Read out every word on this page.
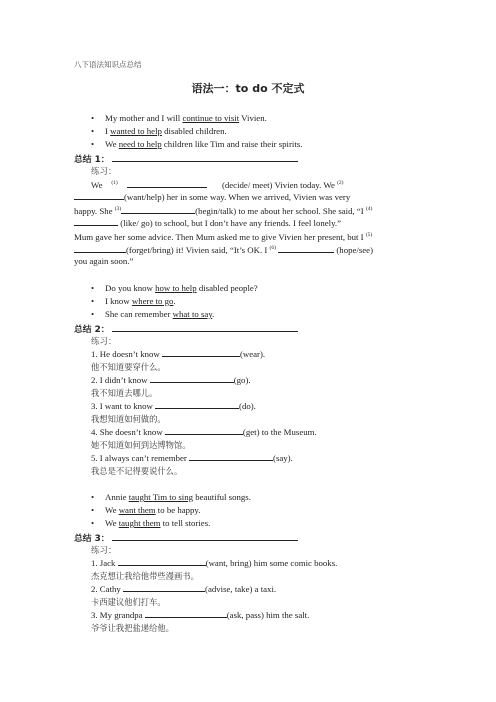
八下语法知识点总结
语法一：to do 不定式
• My mother and I will continue to visit Vivien.
• I wanted to help disabled children.
• We need to help children like Tim and raise their spirits.
总结 1：
练习：
We $^{(1)}$	(decide/ meet) Vivien today. We $^{(2)}$
(want/help) her in some way. When we arrived, Vivien was very
happy. She $^{(3)}$	(begin/talk) to me about her school. She said, “I $^{(4)}$
(like/ go) to school, but I don’t have any friends. I feel lonely.”
Mum gave her some advice. Then Mum asked me to give Vivien her present, but I $^{(5)}$
(forget/bring) it! Vivien said, “It’s OK. I $^{(6)}$	(hope/see)
you again soon.”
• Do you know how to help disabled people?
• I know where to go.
• She can remember what to say.
总结 2：
练习：
1. He doesn’t know	(wear).
他不知道要穿什么。
2. I didn’t know	(go).
我不知道去哪儿。
3. I want to know	(do).
我想知道如何做的。
4. She doesn’t know	(get) to the Museum.
她不知道如何到达博物馆。
5. I always can’t remember	(say).
我总是不记得要说什么。
• Annie taught Tim to sing beautiful songs.
• We want them to be happy.
• We taught them to tell stories.
总结 3：
练习：
1. Jack	(want, bring) him some comic books.
杰克想让我给他带些漫画书。
2. Cathy	(advise, take) a taxi.
卡西建议他们打车。
3. My grandpa	(ask, pass) him the salt.
爷爷让我把盐递给他。
